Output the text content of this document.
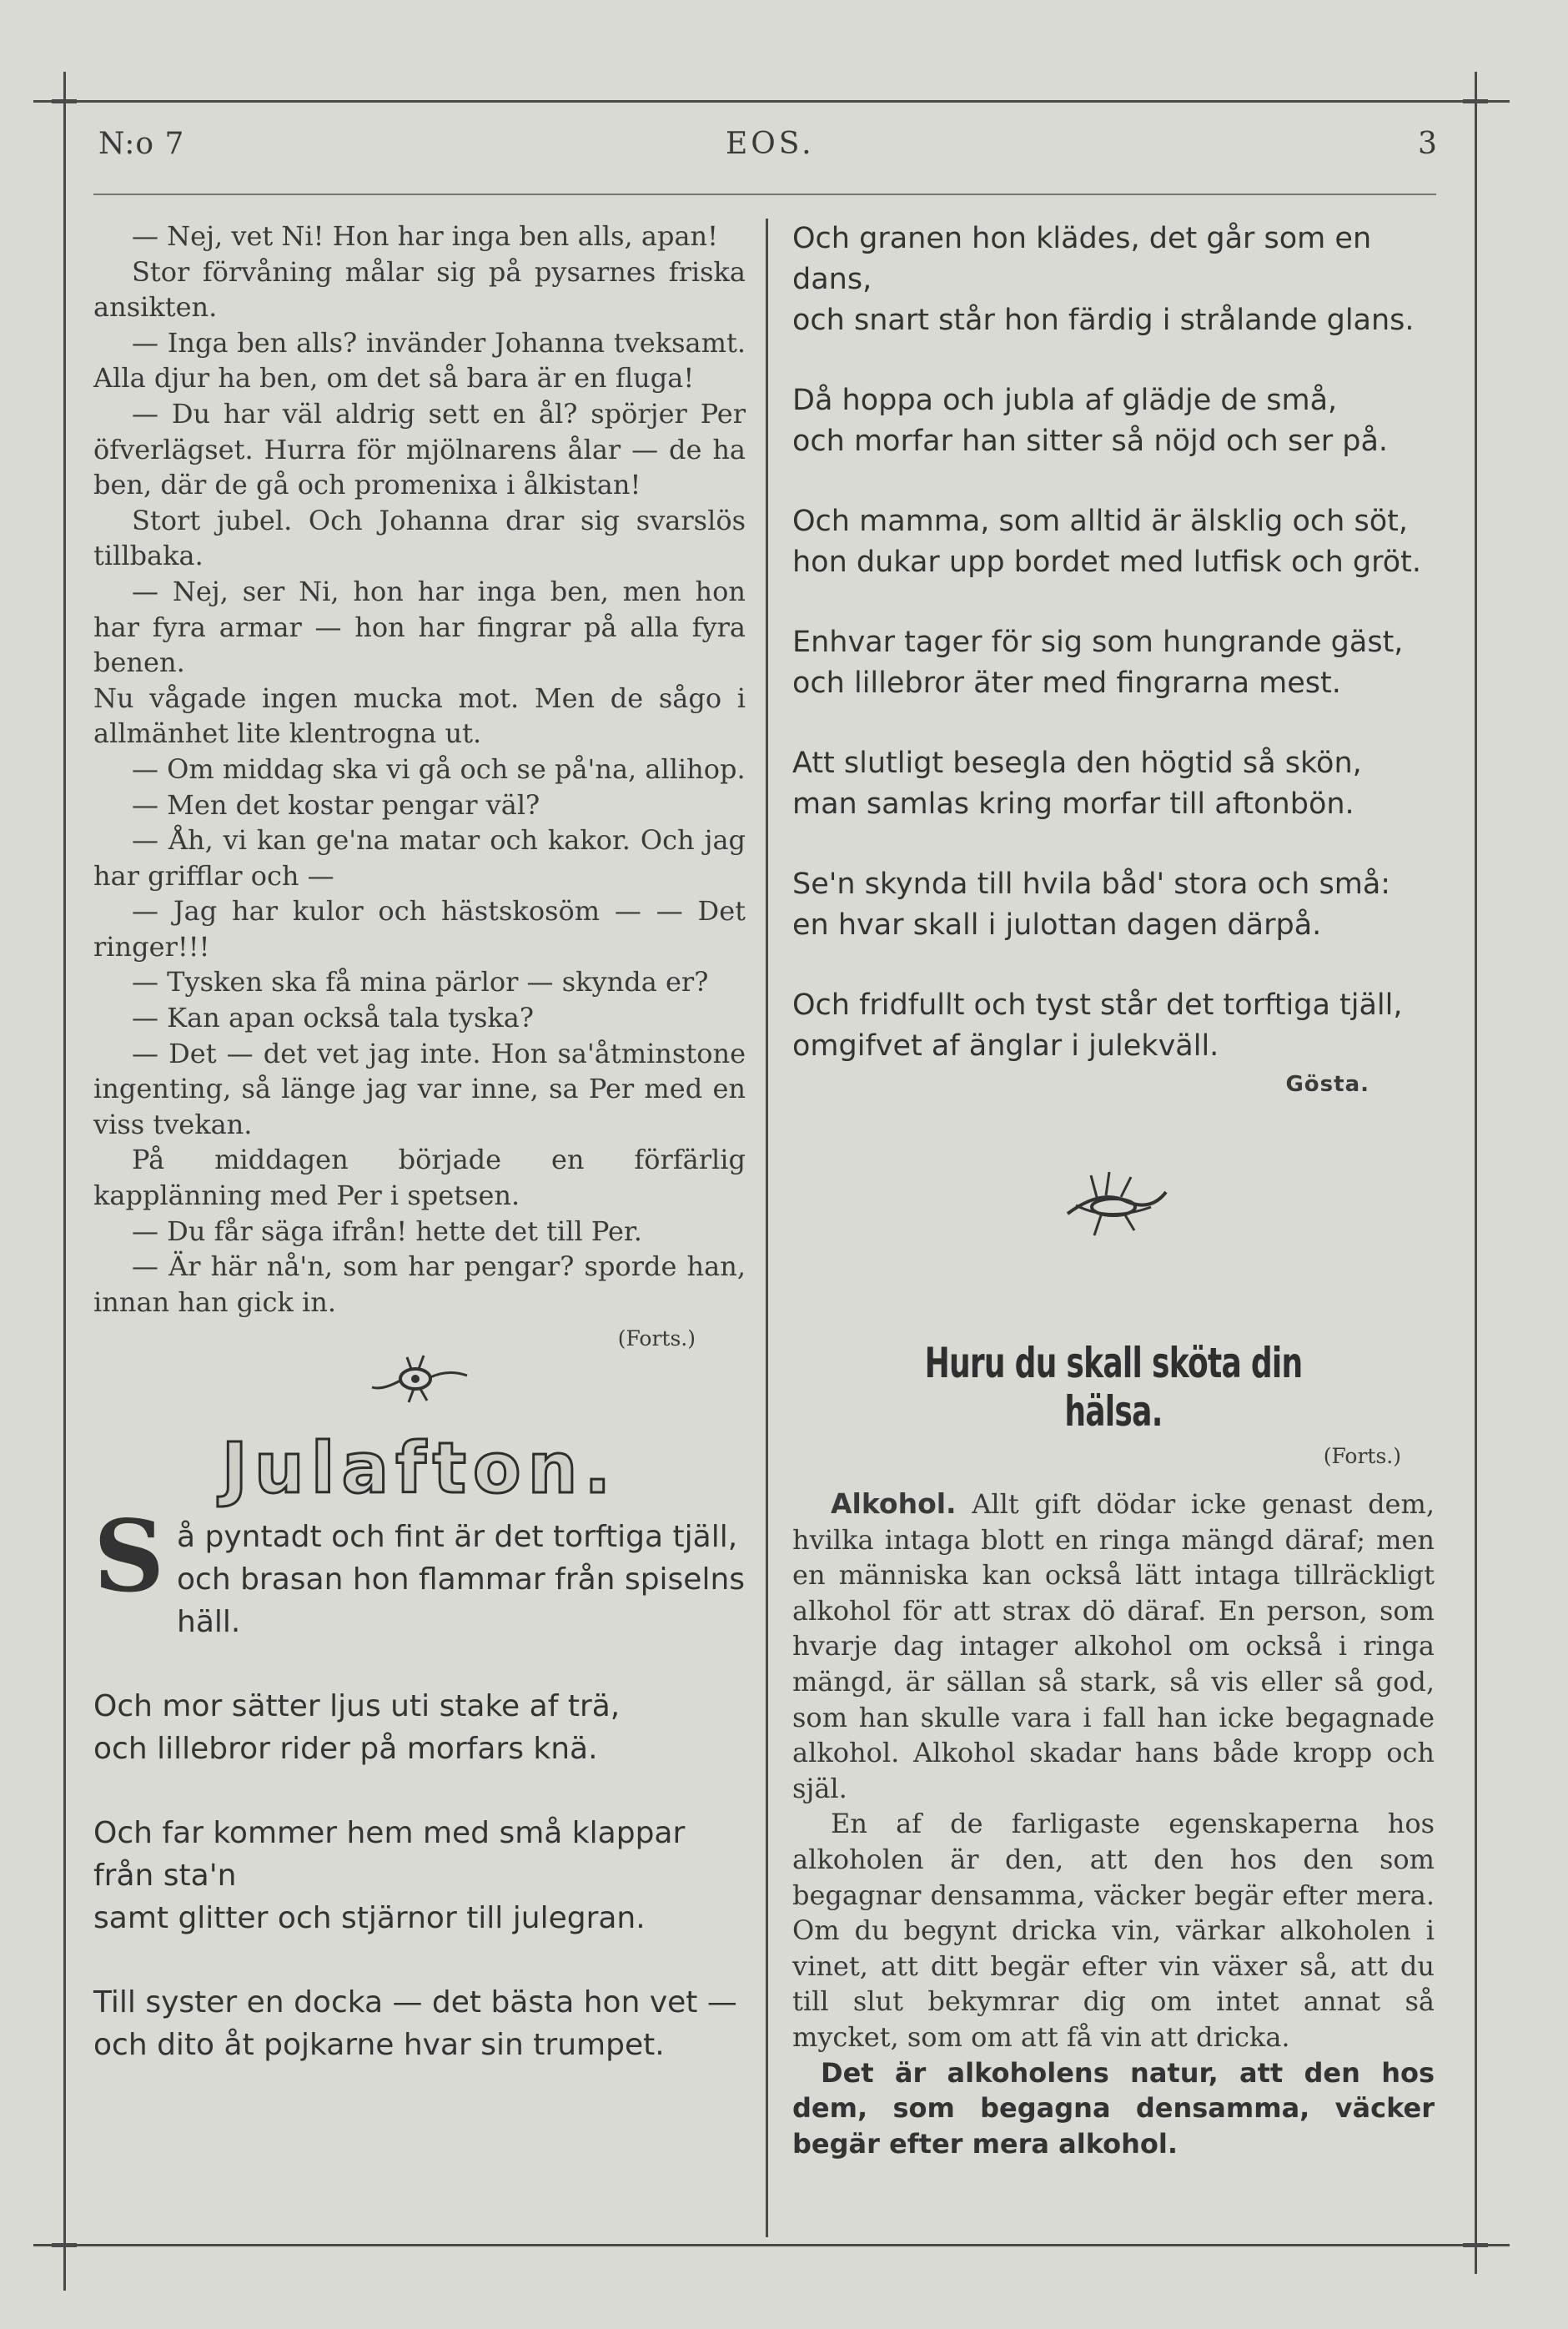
N:o 7	EOS.	3

— Nej, vet Ni! Hon har inga ben alls, apan!

Stor förvåning målar sig på pysarnes friska ansikten.

— Inga ben alls? invänder Johanna tveksamt. Alla djur ha ben, om det så bara är en fluga!

— Du har väl aldrig sett en ål? spörjer Per öfverlägset. Hurra för mjölnarens ålar — de ha ben, där de gå och promenixa i ålkistan!

Stort jubel. Och Johanna drar sig svarslös tillbaka.

— Nej, ser Ni, hon har inga ben, men hon har fyra armar — hon har fingrar på alla fyra benen.

Nu vågade ingen mucka mot. Men de sågo i allmänhet lite klentrogna ut.

— Om middag ska vi gå och se på'na, allihop.

— Men det kostar pengar väl?

— Åh, vi kan ge'na matar och kakor. Och jag har grifflar och —

— Jag har kulor och hästskosöm — — Det ringer!!!

— Tysken ska få mina pärlor — skynda er?

— Kan apan också tala tyska?

— Det — det vet jag inte. Hon sa'åtminstone ingenting, så länge jag var inne, sa Per med en viss tvekan.

På middagen började en förfärlig kapplänning med Per i spetsen.

— Du får säga ifrån! hette det till Per.

— Är här nå'n, som har pengar? sporde han, innan han gick in.

(Forts.)
Julafton.
S å pyntadt och fint är det torftiga tjäll,
och brasan hon flammar från spiselns häll.
Och mor sätter ljus uti stake af trä,
och lillebror rider på morfars knä.
Och far kommer hem med små klappar från sta'n
samt glitter och stjärnor till julegran.
Till syster en docka — det bästa hon vet —
och dito åt pojkarne hvar sin trumpet.
Och granen hon klädes, det går som en dans,
och snart står hon färdig i strålande glans.
Då hoppa och jubla af glädje de små,
och morfar han sitter så nöjd och ser på.
Och mamma, som alltid är älsklig och söt,
hon dukar upp bordet med lutfisk och gröt.
Enhvar tager för sig som hungrande gäst,
och lillebror äter med fingrarna mest.
Att slutligt besegla den högtid så skön,
man samlas kring morfar till aftonbön.
Se'n skynda till hvila båd' stora och små:
en hvar skall i julottan dagen därpå.
Och fridfullt och tyst står det torftiga tjäll,
omgifvet af änglar i julekväll.
Gösta.
Huru du skall sköta din hälsa.
(Forts.)

Alkohol. Allt gift dödar icke genast dem, hvilka intaga blott en ringa mängd däraf; men en människa kan också lätt intaga tillräckligt alkohol för att strax dö däraf. En person, som hvarje dag intager alkohol om också i ringa mängd, är sällan så stark, så vis eller så god, som han skulle vara i fall han icke begagnade alkohol. Alkohol skadar hans både kropp och själ.

En af de farligaste egenskaperna hos alkoholen är den, att den hos den som begagnar densamma, väcker begär efter mera. Om du begynt dricka vin, värkar alkoholen i vinet, att ditt begär efter vin växer så, att du till slut bekymrar dig om intet annat så mycket, som om att få vin att dricka.

Det är alkoholens natur, att den hos dem, som begagna densamma, väcker begär efter mera alkohol.
